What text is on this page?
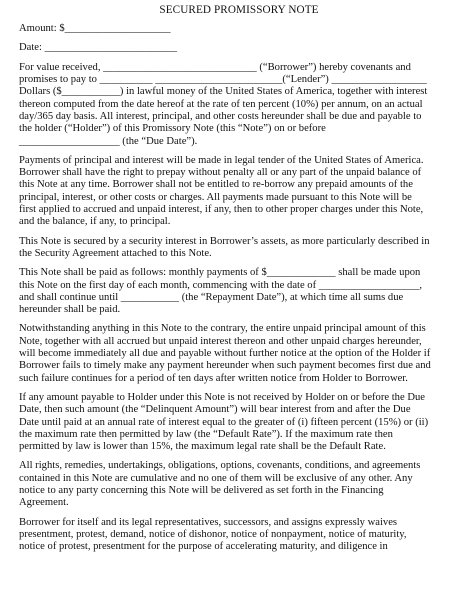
SECURED PROMISSORY NOTE
Amount: $____________________
Date: _________________________
For value received, _____________________________ (“Borrower”) hereby covenants and
promises to pay to __________ ________________________(“Lender”) __________________
Dollars ($___________) in lawful money of the United States of America, together with interest
thereon computed from the date hereof at the rate of ten percent (10%) per annum, on an actual
day/365 day basis. All interest, principal, and other costs hereunder shall be due and payable to
the holder (“Holder”) of this Promissory Note (this “Note”) on or before
___________________ (the “Due Date”).
Payments of principal and interest will be made in legal tender of the United States of America.
Borrower shall have the right to prepay without penalty all or any part of the unpaid balance of
this Note at any time. Borrower shall not be entitled to re-borrow any prepaid amounts of the
principal, interest, or other costs or charges. All payments made pursuant to this Note will be
first applied to accrued and unpaid interest, if any, then to other proper charges under this Note,
and the balance, if any, to principal.
This Note is secured by a security interest in Borrower’s assets, as more particularly described in
the Security Agreement attached to this Note.
This Note shall be paid as follows: monthly payments of $_____________ shall be made upon
this Note on the first day of each month, commencing with the date of ___________________,
and shall continue until ___________ (the “Repayment Date”), at which time all sums due
hereunder shall be paid.
Notwithstanding anything in this Note to the contrary, the entire unpaid principal amount of this
Note, together with all accrued but unpaid interest thereon and other unpaid charges hereunder,
will become immediately all due and payable without further notice at the option of the Holder if
Borrower fails to timely make any payment hereunder when such payment becomes first due and
such failure continues for a period of ten days after written notice from Holder to Borrower.
If any amount payable to Holder under this Note is not received by Holder on or before the Due
Date, then such amount (the “Delinquent Amount”) will bear interest from and after the Due
Date until paid at an annual rate of interest equal to the greater of (i) fifteen percent (15%) or (ii)
the maximum rate then permitted by law (the “Default Rate”). If the maximum rate then
permitted by law is lower than 15%, the maximum legal rate shall be the Default Rate.
All rights, remedies, undertakings, obligations, options, covenants, conditions, and agreements
contained in this Note are cumulative and no one of them will be exclusive of any other. Any
notice to any party concerning this Note will be delivered as set forth in the Financing
Agreement.
Borrower for itself and its legal representatives, successors, and assigns expressly waives
presentment, protest, demand, notice of dishonor, notice of nonpayment, notice of maturity,
notice of protest, presentment for the purpose of accelerating maturity, and diligence in
